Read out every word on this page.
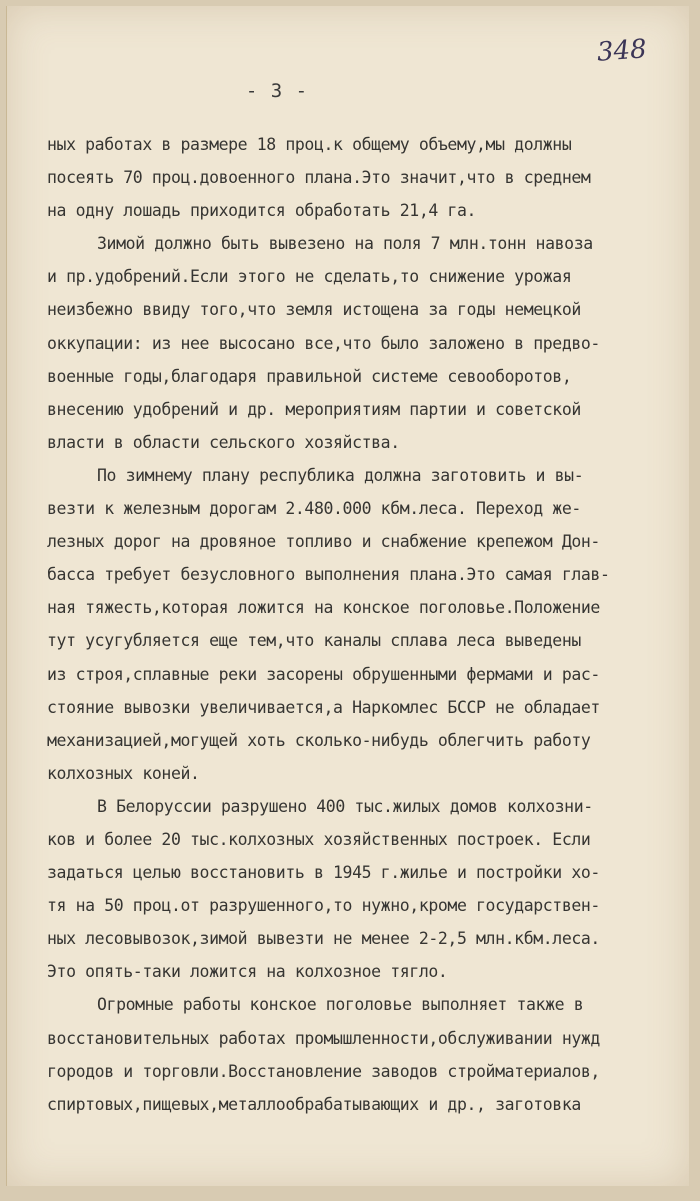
348
- 3 -
ных работах в размере 18 проц.к общему объему,мы должны
посеять 70 проц.довоенного плана.Это значит,что в среднем
на одну лошадь приходится обработать 21,4 га.
Зимой должно быть вывезено на поля 7 млн.тонн навоза
и пр.удобрений.Если этого не сделать,то снижение урожая
неизбежно ввиду того,что земля истощена за годы немецкой
оккупации: из нее высосано все,что было заложено в предво-
военные годы,благодаря правильной системе севооборотов,
внесению удобрений и др. мероприятиям партии и советской
власти в области сельского хозяйства.
По зимнему плану республика должна заготовить и вы-
везти к железным дорогам 2.480.000 кбм.леса. Переход же-
лезных дорог на дровяное топливо и снабжение крепежом Дон-
басса требует безусловного выполнения плана.Это самая глав-
ная тяжесть,которая ложится на конское поголовье.Положение
тут усугубляется еще тем,что каналы сплава леса выведены
из строя,сплавные реки засорены обрушенными фермами и рас-
стояние вывозки увеличивается,а Наркомлес БССР не обладает
механизацией,могущей хоть сколько-нибудь облегчить работу
колхозных коней.
В Белоруссии разрушено 400 тыс.жилых домов колхозни-
ков и более 20 тыс.колхозных хозяйственных построек. Если
задаться целью восстановить в 1945 г.жилье и постройки хо-
тя на 50 проц.от разрушенного,то нужно,кроме государствен-
ных лесовывозок,зимой вывезти не менее 2-2,5 млн.кбм.леса.
Это опять-таки ложится на колхозное тягло.
Огромные работы конское поголовье выполняет также в
восстановительных работах промышленности,обслуживании нужд
городов и торговли.Восстановление заводов стройматериалов,
спиртовых,пищевых,металлообрабатывающих и др., заготовка
